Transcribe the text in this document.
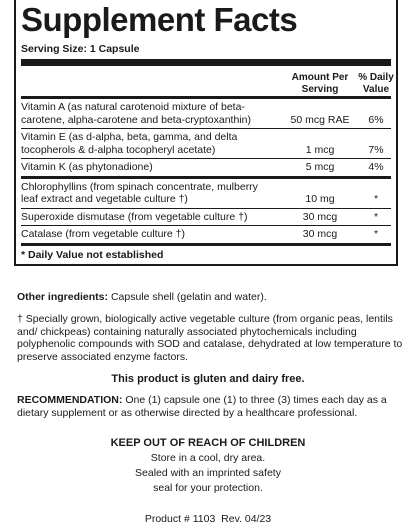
Supplement Facts
Serving Size: 1 Capsule
Amount Per Serving
% Daily Value
Vitamin A (as natural carotenoid mixture of beta-carotene, alpha-carotene and beta-cryptoxanthin)	50 mcg RAE	6%
Vitamin E (as d-alpha, beta, gamma, and delta tocopherols & d-alpha tocopheryl acetate)	1 mcg	7%
Vitamin K (as phytonadione)	5 mcg	4%
Chlorophyllins (from spinach concentrate, mulberry leaf extract and vegetable culture †)	10 mg	*
Superoxide dismutase (from vegetable culture †)	30 mcg	*
Catalase (from vegetable culture †)	30 mcg	*
* Daily Value not established
Other ingredients: Capsule shell (gelatin and water).
† Specially grown, biologically active vegetable culture (from organic peas, lentils and/ chickpeas) containing naturally associated phytochemicals including polyphenolic compounds with SOD and catalase, dehydrated at low temperature to preserve associated enzyme factors.
This product is gluten and dairy free.
RECOMMENDATION: One (1) capsule one (1) to three (3) times each day as a dietary supplement or as otherwise directed by a healthcare professional.
KEEP OUT OF REACH OF CHILDREN
Store in a cool, dry area.
Sealed with an imprinted safety
seal for your protection.
Product # 1103 Rev. 04/23
